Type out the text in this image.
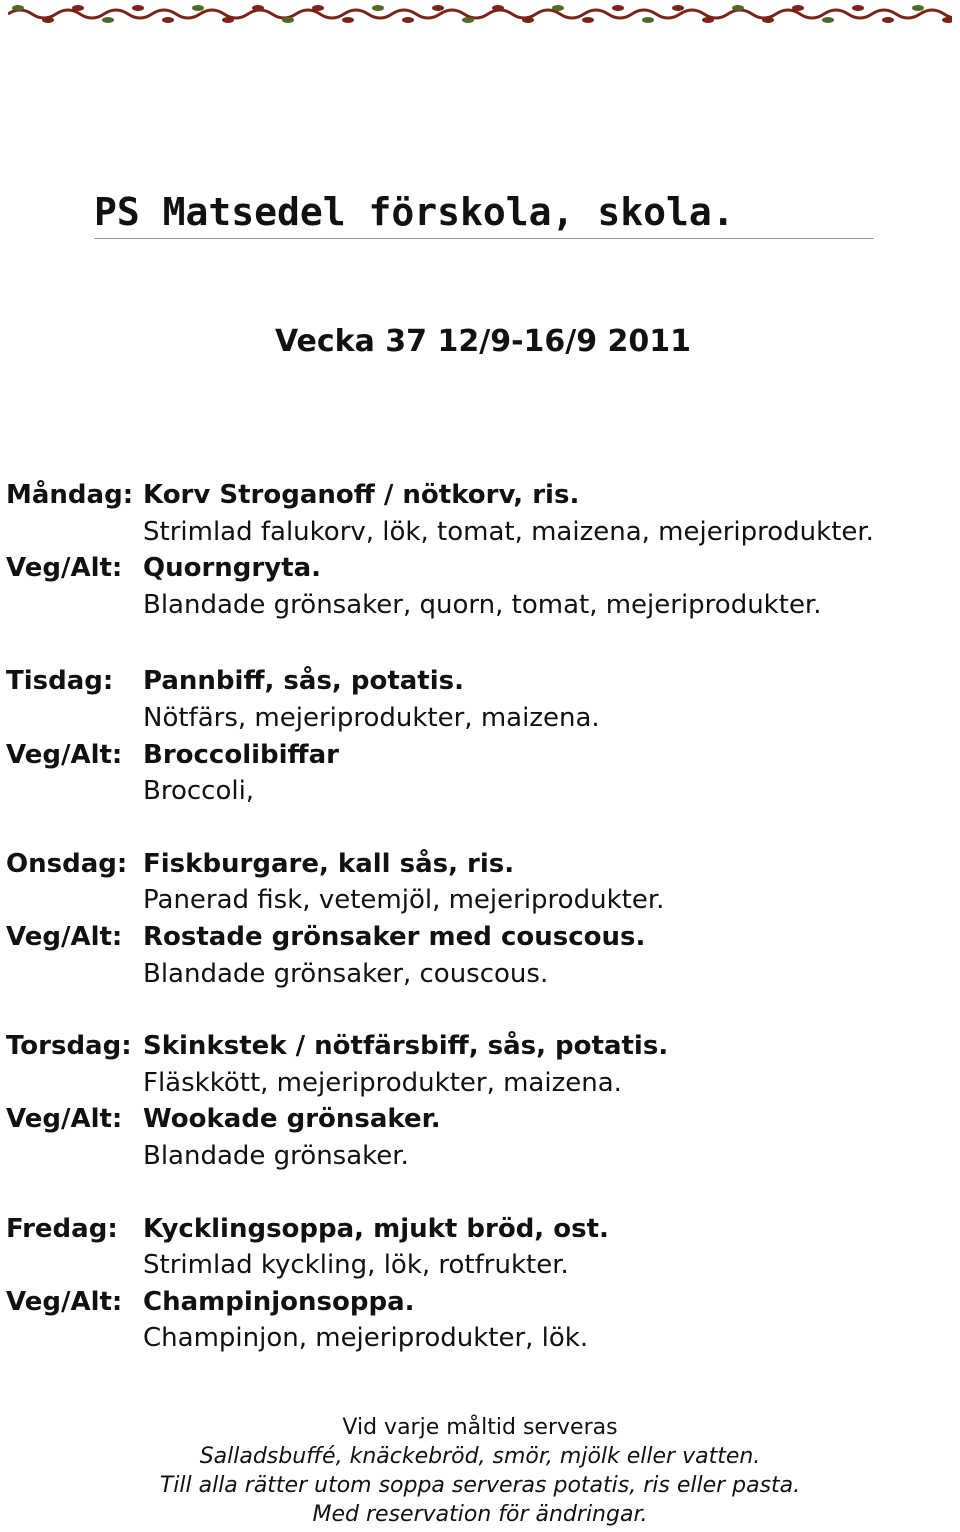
PS Matsedel förskola, skola.
Vecka 37 12/9-16/9 2011
Måndag: Korv Stroganoff / nötkorv, ris.
Strimlad falukorv, lök, tomat, maizena, mejeriprodukter.
Veg/Alt: Quorngryta.
Blandade grönsaker, quorn, tomat, mejeriprodukter.
Tisdag: Pannbiff, sås, potatis.
Nötfärs, mejeriprodukter, maizena.
Veg/Alt: Broccolibiffar
Broccoli,
Onsdag: Fiskburgare, kall sås, ris.
Panerad fisk, vetemjöl, mejeriprodukter.
Veg/Alt: Rostade grönsaker med couscous.
Blandade grönsaker, couscous.
Torsdag: Skinkstek / nötfärsbiff, sås, potatis.
Fläskkött, mejeriprodukter, maizena.
Veg/Alt: Wookade grönsaker.
Blandade grönsaker.
Fredag: Kycklingsoppa, mjukt bröd, ost.
Strimlad kyckling, lök, rotfrukter.
Veg/Alt: Champinjonsoppa.
Champinjon, mejeriprodukter, lök.
Vid varje måltid serveras
Salladsbuffé, knäckebröd, smör, mjölk eller vatten.
Till alla rätter utom soppa serveras potatis, ris eller pasta.
Med reservation för ändringar.
